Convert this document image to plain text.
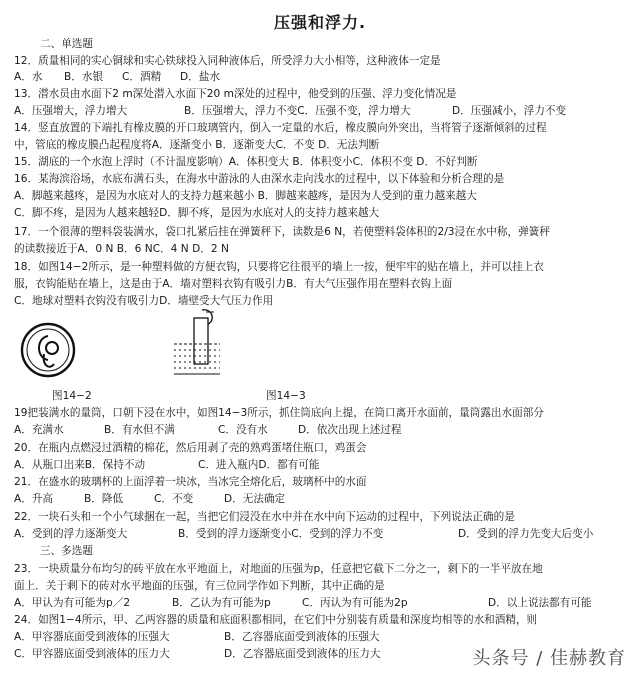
压强和浮力.
二、单选题
12．质量相同的实心铜球和实心铁球投入同种液体后，所受浮力大小相等，这种液体一定是
A．水	B．水银	C．酒精	D．盐水
13．潜水员由水面下2 m深处潜入水面下20 m深处的过程中，他受到的压强、浮力变化情况是
A．压强增大，浮力增大	B．压强增大，浮力不变C．压强不变，浮力增大	D．压强减小，浮力不变
14．竖直放置的下端扎有橡皮膜的开口玻璃管内，倒入一定量的水后，橡皮膜向外突出，当将管子逐渐倾斜的过程
中，管底的橡皮膜凸起程度将A．逐渐变小 B．逐渐变大C．不变 D．无法判断
15．湖底的一个水泡上浮时（不计温度影响）A．体积变大 B．体积变小C．体积不变 D．不好判断
16．某海滨浴场，水底布满石头，在海水中游泳的人由深水走向浅水的过程中，以下体验和分析合理的是
A．脚越来越疼，是因为水底对人的支持力越来越小 B．脚越来越疼，是因为人受到的重力越来越大
C．脚不疼，是因为人越来越轻D．脚不疼，是因为水底对人的支持力越来越大
17．一个很薄的塑料袋装满水，袋口扎紧后挂在弹簧秤下，读数是6 N，若使塑料袋体积的2/3浸在水中称，弹簧秤
的读数接近于A．0 N B．6 NC．4 N D．2 N
18．如图14−2所示，是一种塑料做的方便衣钩，只要将它往很平的墙上一按，便牢牢的贴在墙上，并可以挂上衣
服，衣钩能贴在墙上，这是由于A．墙对塑料衣钩有吸引力B．有大气压强作用在塑料衣钩上面
C．地球对塑料衣钩没有吸引力D．墙壁受大气压力作用
图14−2	图14−3
19把装满水的量筒，口朝下浸在水中，如图14−3所示，抓住筒底向上提，在筒口离开水面前，量筒露出水面部分
A．充满水	B．有水但不满	C．没有水	D．依次出现上述过程
20．在瓶内点燃浸过酒精的棉花，然后用剥了壳的熟鸡蛋堵住瓶口，鸡蛋会
A．从瓶口出来B．保持不动	C．进入瓶内D．都有可能
21．在盛水的玻璃杯的上面浮着一块冰，当冰完全熔化后，玻璃杯中的水面
A．升高	B．降低	C．不变	D．无法确定
22．一块石头和一个小气球捆在一起，当把它们浸没在水中并在水中向下运动的过程中，下列说法正确的是
A．受到的浮力逐渐变大	B．受到的浮力逐渐变小C．受到的浮力不变	D．受到的浮力先变大后变小
三、多选题
23．一块质量分布均匀的砖平放在水平地面上，对地面的压强为p，任意把它截下二分之一，剩下的一半平放在地
面上．关于剩下的砖对水平地面的压强，有三位同学作如下判断，其中正确的是
A．甲认为有可能为p／2	B．乙认为有可能为p	C．丙认为有可能为2p	D．以上说法都有可能
24．如图1−4所示，甲、乙两容器的质量和底面积都相同，在它们中分别装有质量和深度均相等的水和酒精，则
A．甲容器底面受到液体的压强大	B．乙容器底面受到液体的压强大
C．甲容器底面受到液体的压力大	D．乙容器底面受到液体的压力大	头条号 / 佳赫教育
